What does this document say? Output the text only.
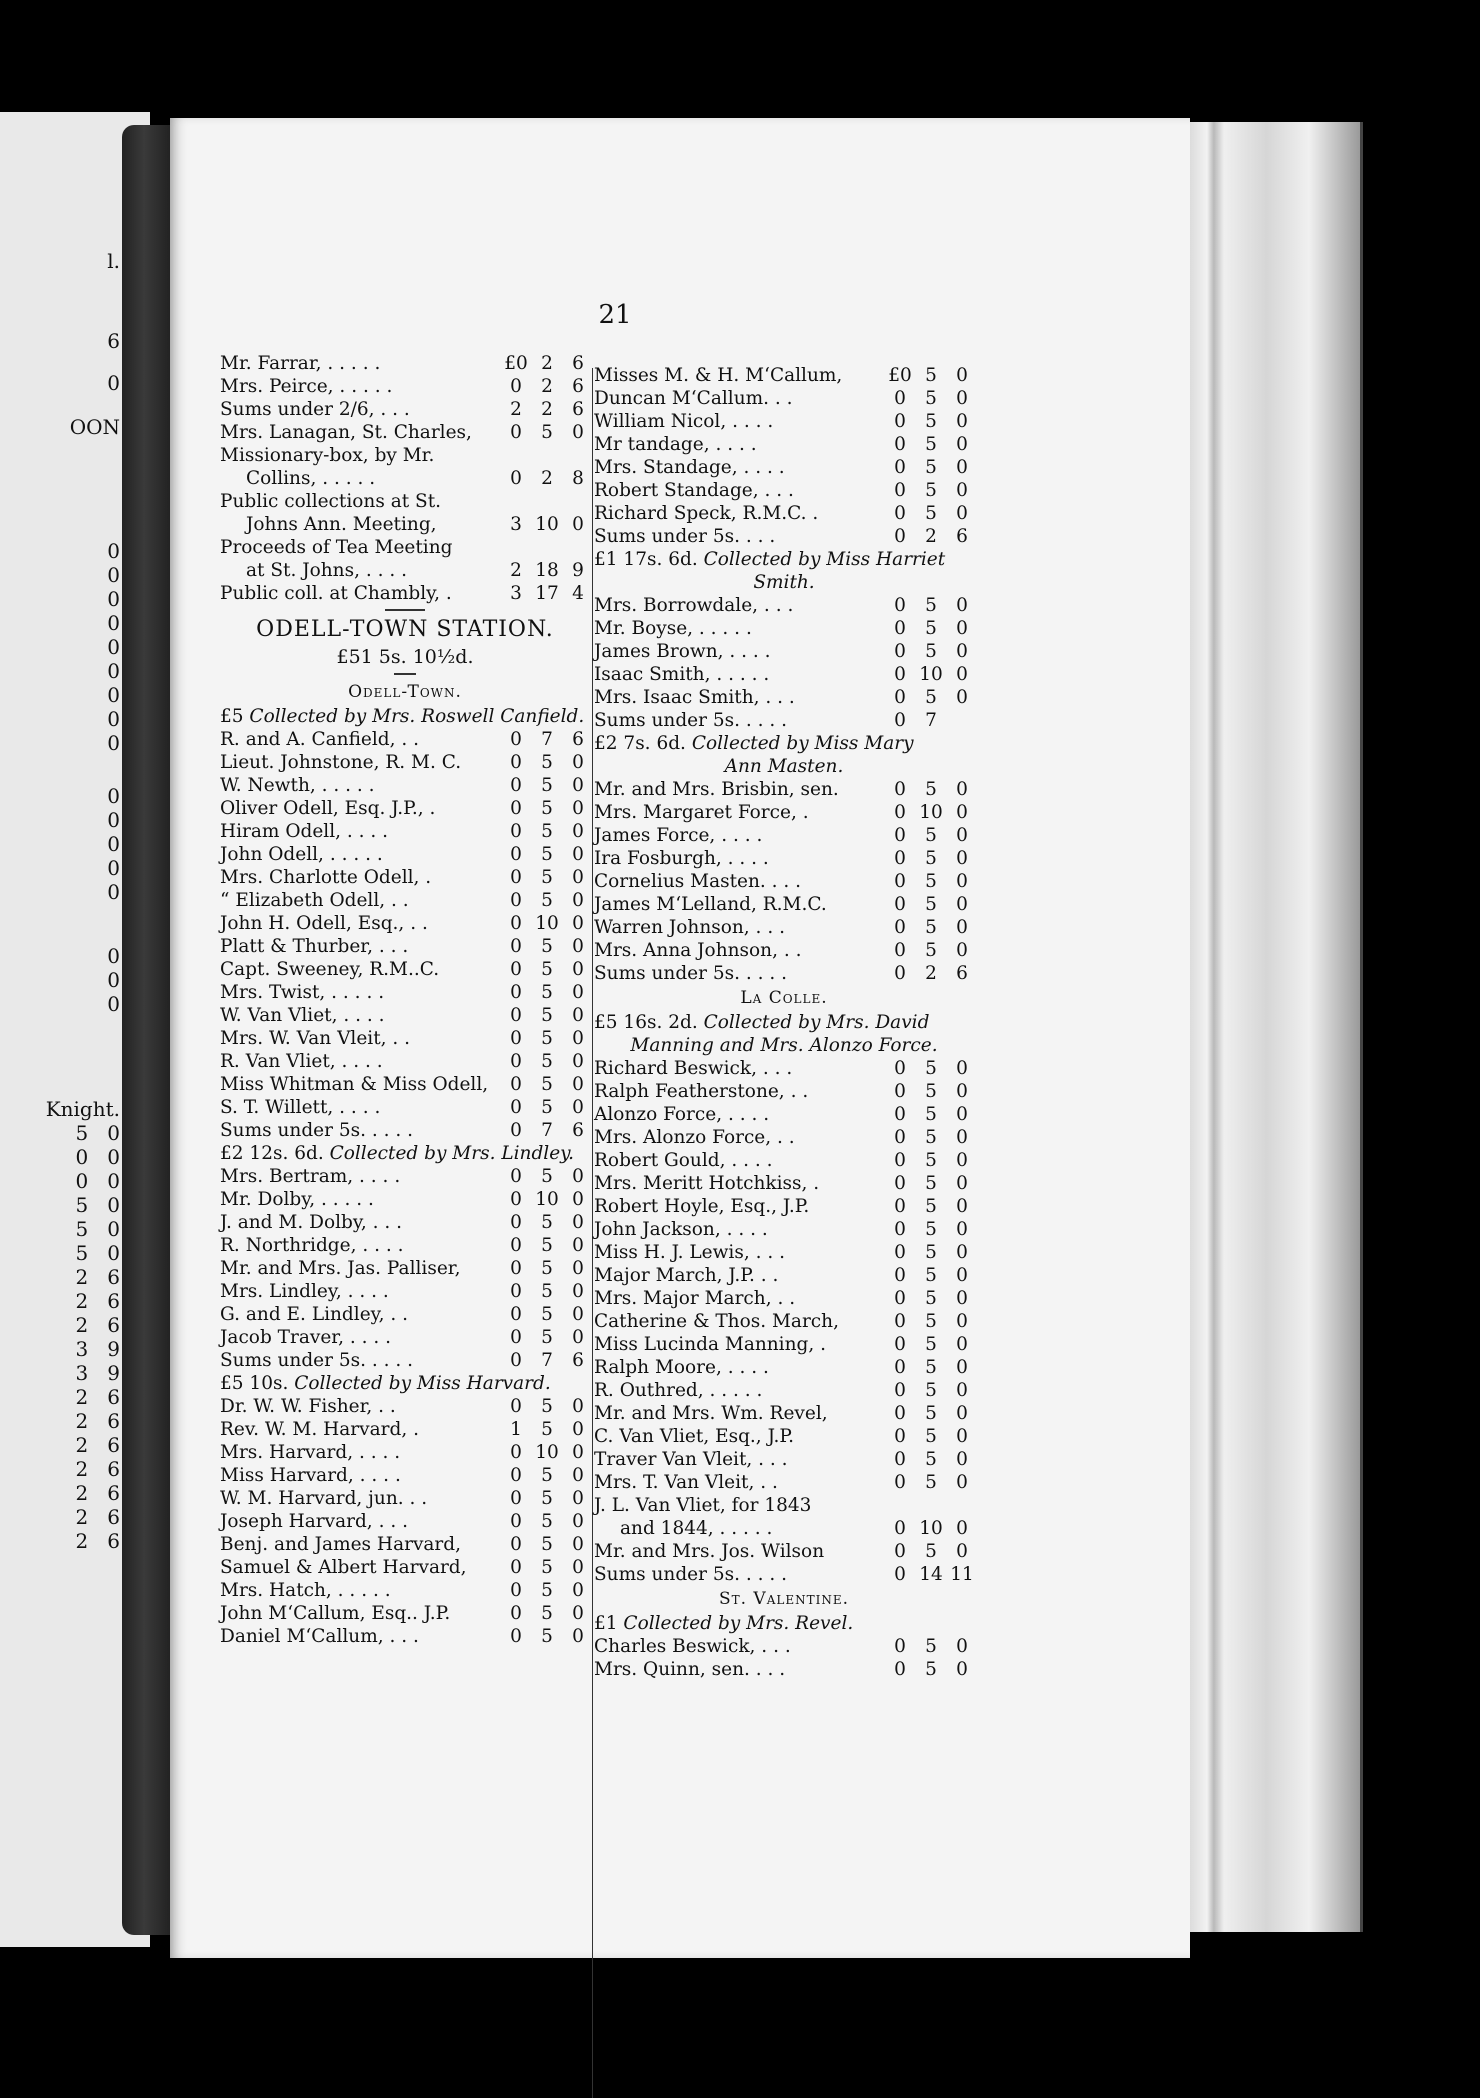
l.
6
0
OON
0
0
0
0
0
0
0
0
0
0
0
0
0
0
0
0
0
Knight.
5   0
0   0
0   0
5   0
5   0
5   0
2   6
2   6
2   6
3   9
3   9
2   6
2   6
2   6
2   6
2   6
2   6
2   6
21
Mr. Farrar, . . . . .	£0 2	6
Mrs. Peirce, . . . . .	0	2	6
Sums under 2/6, . . .	2	2	6
Mrs. Lanagan, St. Charles,	0	5	0
Missionary-box, by Mr.
Collins, . . . . .	0	2	8
Public collections at St.
Johns Ann. Meeting,	3 10 0
Proceeds of Tea Meeting
at St. Johns, . . . .	2 18 9
Public coll. at Chambly, .	3 17 4
ODELL-TOWN STATION.
£51 5s. 10½d.
Odell-Town.
£5 Collected by Mrs. Roswell Canfield.
R. and A. Canfield, . .	0	7	6
Lieut. Johnstone, R. M. C.	0	5	0
W. Newth, . . . . .	0	5	0
Oliver Odell, Esq. J.P., .	0	5	0
Hiram Odell, . . . .	0	5	0
John Odell, . . . . .	0	5	0
Mrs. Charlotte Odell, .	0	5	0
“ Elizabeth Odell, . .	0	5	0
John H. Odell, Esq., . .	0 10 0
Platt & Thurber, . . .	0	5	0
Capt. Sweeney, R.M..C.	0	5	0
Mrs. Twist, . . . . .	0	5	0
W. Van Vliet, . . . .	0	5	0
Mrs. W. Van Vleit, . .	0	5	0
R. Van Vliet, . . . .	0	5	0
Miss Whitman & Miss Odell,	0	5	0
S. T. Willett, . . . .	0	5	0
Sums under 5s. . . . .	0	7	6
£2 12s. 6d. Collected by Mrs. Lindley.
Mrs. Bertram, . . . .	0	5	0
Mr. Dolby, . . . . .	0 10 0
J. and M. Dolby, . . .	0	5	0
R. Northridge, . . . .	0	5	0
Mr. and Mrs. Jas. Palliser,	0	5	0
Mrs. Lindley, . . . .	0	5	0
G. and E. Lindley, . .	0	5	0
Jacob Traver, . . . .	0	5	0
Sums under 5s. . . . .	0	7	6
£5 10s. Collected by Miss Harvard.
Dr. W. W. Fisher, . .	0	5	0
Rev. W. M. Harvard, .	1	5	0
Mrs. Harvard, . . . .	0 10 0
Miss Harvard, . . . .	0	5	0
W. M. Harvard, jun. . .	0	5	0
Joseph Harvard, . . .	0	5	0
Benj. and James Harvard,	0	5	0
Samuel & Albert Harvard,	0	5	0
Mrs. Hatch, . . . . .	0	5	0
John M‘Callum, Esq.. J.P.	0	5	0
Daniel M‘Callum, . . .	0	5	0
Misses M. & H. M‘Callum, £0 5	0
Duncan M‘Callum. . .	0	5	0
William Nicol, . . . .	0	5	0
Mr tandage, . . . .	0	5	0
Mrs. Standage, . . . .	0	5	0
Robert Standage, . . .	0	5	0
Richard Speck, R.M.C. .	0	5	0
Sums under 5s. . . .	0	2	6
£1 17s. 6d. Collected by Miss Harriet
Smith.
Mrs. Borrowdale, . . .	0	5	0
Mr. Boyse, . . . . .	0	5	0
James Brown, . . . .	0	5	0
Isaac Smith, . . . . .	0 10 0
Mrs. Isaac Smith, . . .	0	5	0
Sums under 5s. . . . .	0	7
£2 7s. 6d. Collected by Miss Mary
Ann Masten.
Mr. and Mrs. Brisbin, sen.	0	5	0
Mrs. Margaret Force, .	0 10 0
James Force, . . . .	0	5	0
Ira Fosburgh, . . . .	0	5	0
Cornelius Masten. . . .	0	5	0
James M‘Lelland, R.M.C.	0	5	0
Warren Johnson, . . .	0	5	0
Mrs. Anna Johnson, . .	0	5	0
Sums under 5s. . . . .	0	2	6
La Colle.
£5 16s. 2d. Collected by Mrs. David
Manning and Mrs. Alonzo Force.
Richard Beswick, . . .	0	5	0
Ralph Featherstone, . .	0	5	0
Alonzo Force, . . . .	0	5	0
Mrs. Alonzo Force, . .	0	5	0
Robert Gould, . . . .	0	5	0
Mrs. Meritt Hotchkiss, .	0	5	0
Robert Hoyle, Esq., J.P.	0	5	0
John Jackson, . . . .	0	5	0
Miss H. J. Lewis, . . .	0	5	0
Major March, J.P. . .	0	5	0
Mrs. Major March, . .	0	5	0
Catherine & Thos. March,	0	5	0
Miss Lucinda Manning, .	0	5	0
Ralph Moore, . . . .	0	5	0
R. Outhred, . . . . .	0	5	0
Mr. and Mrs. Wm. Revel,	0	5	0
C. Van Vliet, Esq., J.P.	0	5	0
Traver Van Vleit, . . .	0	5	0
Mrs. T. Van Vleit, . .	0	5	0
J. L. Van Vliet, for 1843
and 1844, . . . . .	0 10 0
Mr. and Mrs. Jos. Wilson	0	5	0
Sums under 5s. . . . .	0 14 11
St. Valentine.
£1 Collected by Mrs. Revel.
Charles Beswick, . . .	0	5	0
Mrs. Quinn, sen. . . .	0	5	0
